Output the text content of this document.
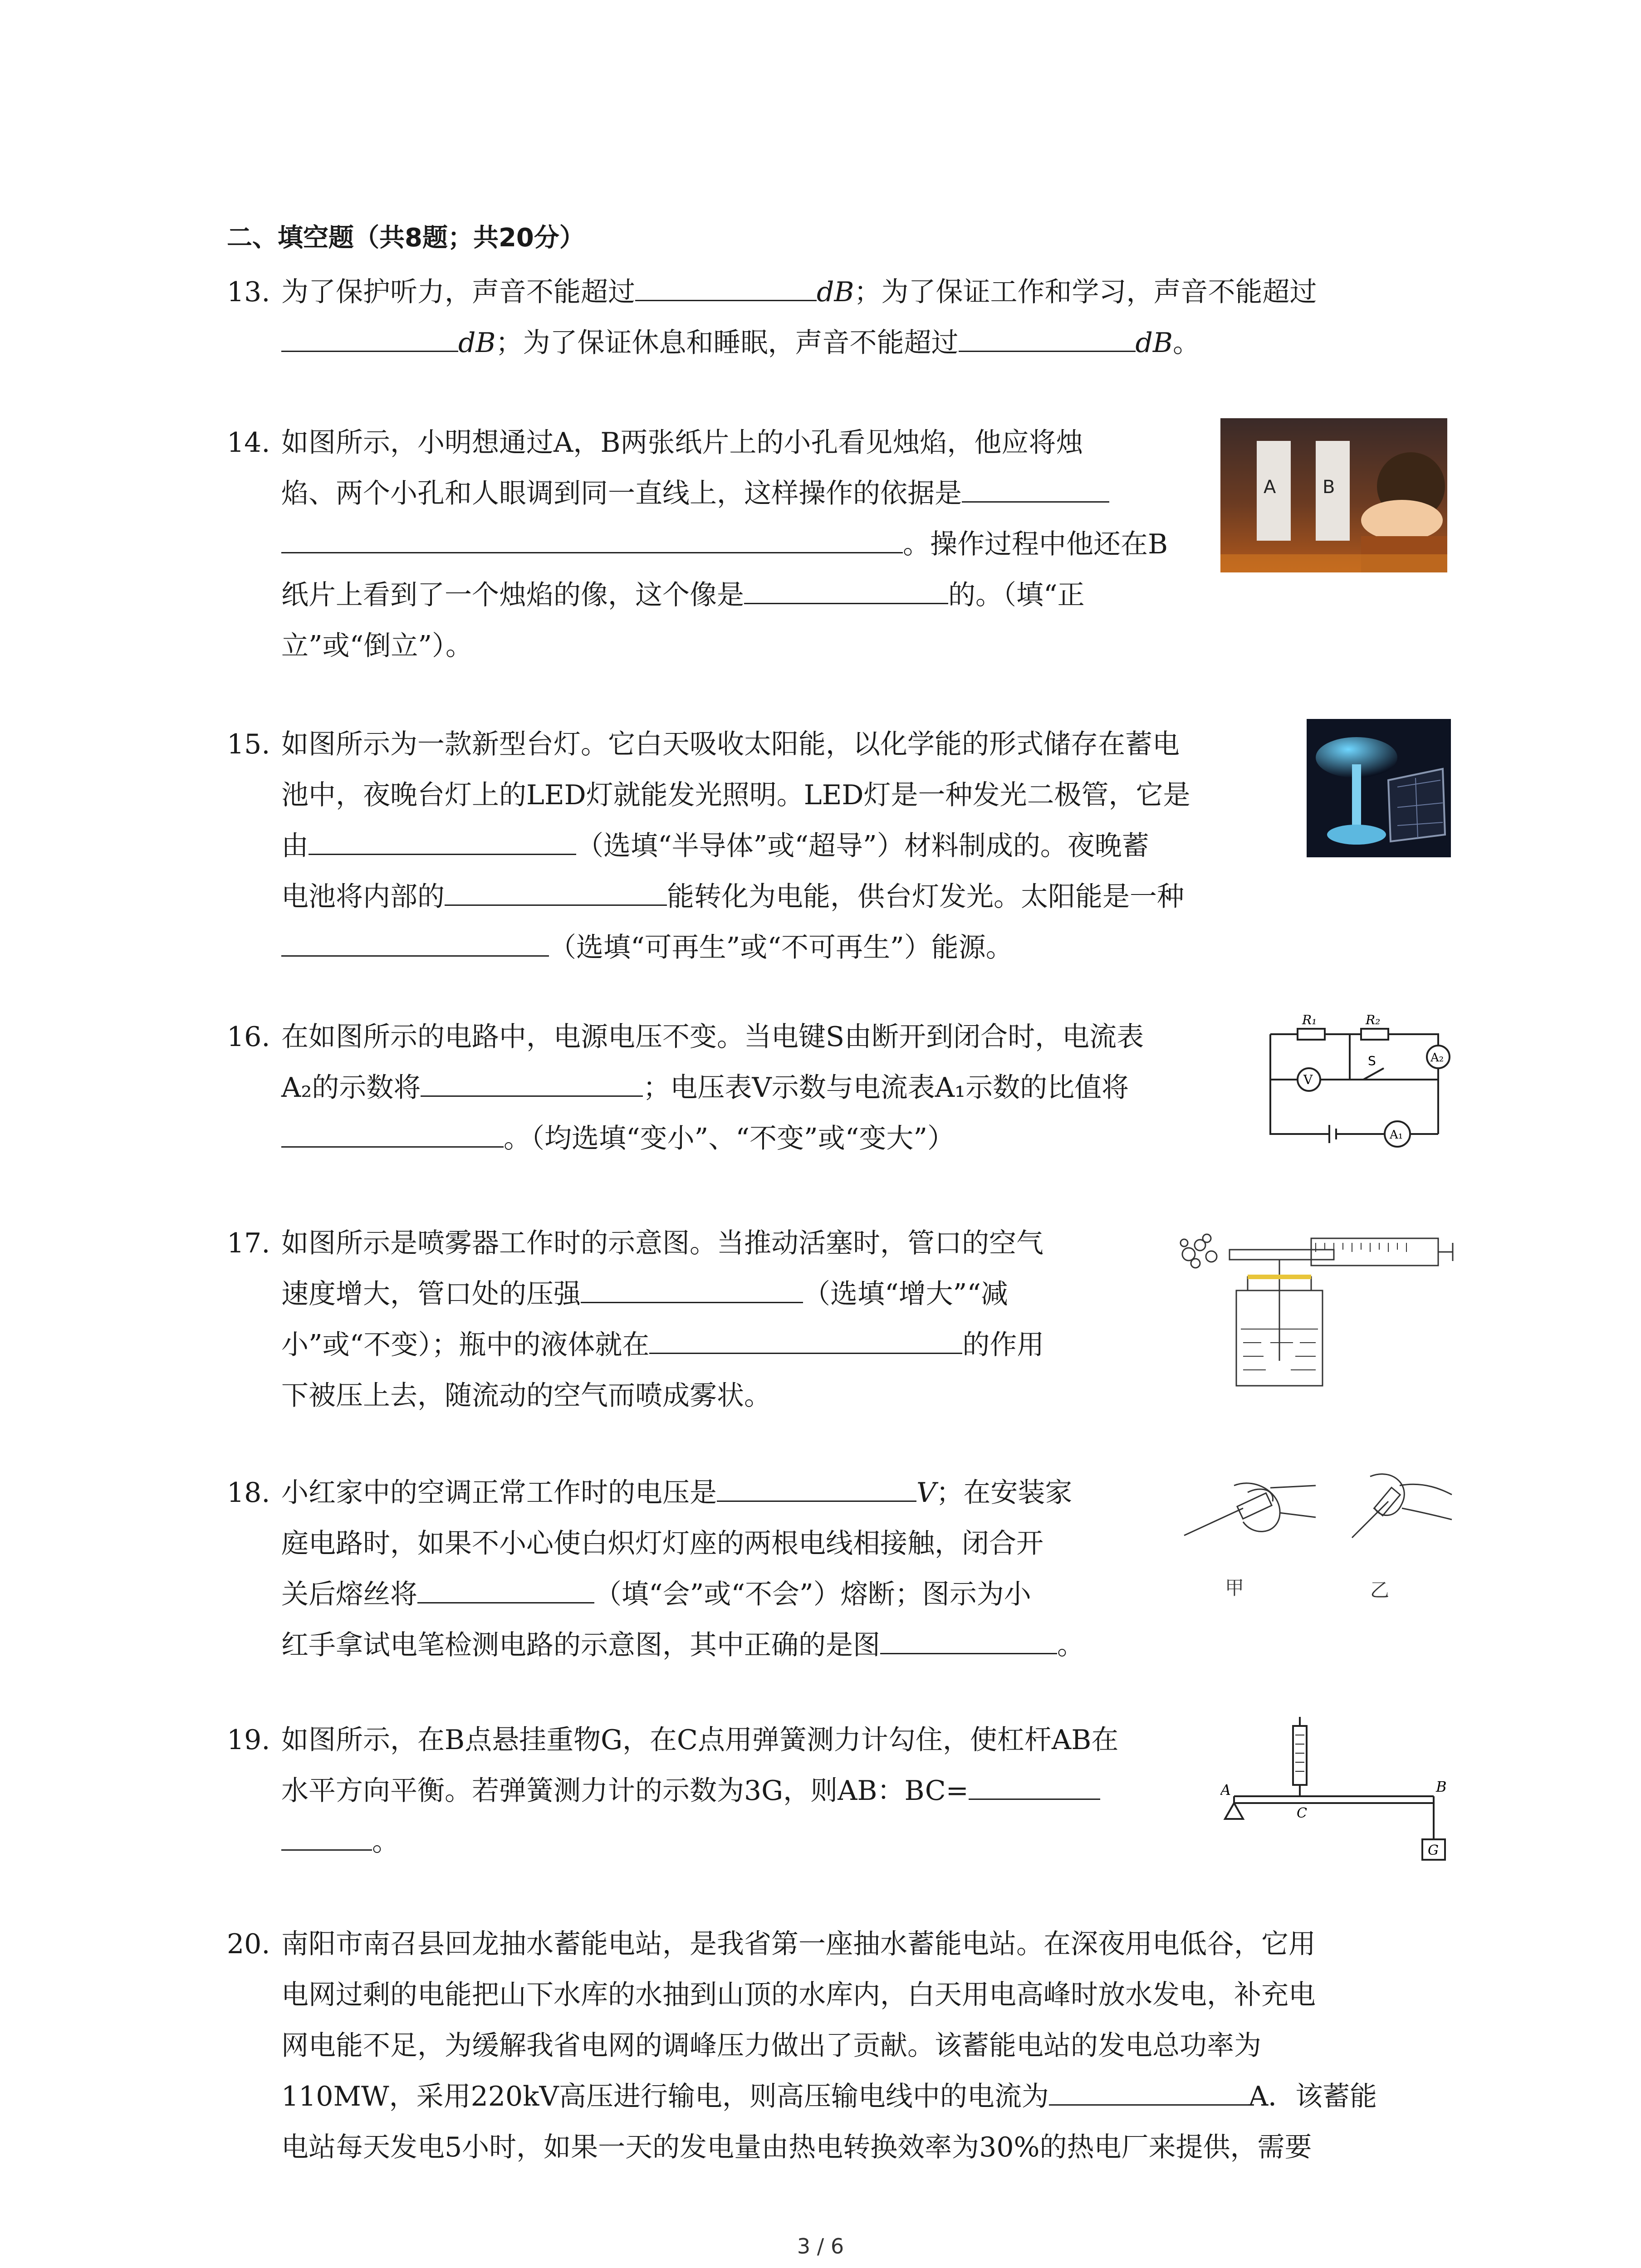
二、填空题（共8题；共20分）
13. 为了保护听力，声音不能超过	dB；为了保证工作和学习，声音不能超过
dB；为了保证休息和睡眠，声音不能超过	dB。
14. 如图所示，小明想通过A，B两张纸片上的小孔看见烛焰，他应将烛
焰、两个小孔和人眼调到同一直线上，这样操作的依据是
。操作过程中他还在B
纸片上看到了一个烛焰的像，这个像是	的。（填“正
立”或“倒立”）。
A	B
15. 如图所示为一款新型台灯。它白天吸收太阳能，以化学能的形式储存在蓄电
池中，夜晚台灯上的LED灯就能发光照明。LED灯是一种发光二极管，它是
由	（选填“半导体”或“超导”）材料制成的。夜晚蓄
电池将内部的	能转化为电能，供台灯发光。太阳能是一种
（选填“可再生”或“不可再生”）能源。
16. 在如图所示的电路中，电源电压不变。当电键S由断开到闭合时，电流表
A₂的示数将	；电压表V示数与电流表A₁示数的比值将
。（均选填“变小”、“不变”或“变大”）
R₁	R₂
S
V
A₂
A₁
17. 如图所示是喷雾器工作时的示意图。当推动活塞时，管口的空气
速度增大，管口处的压强	（选填“增大”“减
小”或“不变）；瓶中的液体就在	的作用
下被压上去，随流动的空气而喷成雾状。
18. 小红家中的空调正常工作时的电压是	V；在安装家
庭电路时，如果不小心使白炽灯灯座的两根电线相接触，闭合开
关后熔丝将	（填“会”或“不会”）熔断；图示为小
红手拿试电笔检测电路的示意图，其中正确的是图	。
甲	乙
19. 如图所示，在B点悬挂重物G，在C点用弹簧测力计勾住，使杠杆AB在
水平方向平衡。若弹簧测力计的示数为3G，则AB：BC=
。
A	B
C
G
20. 南阳市南召县回龙抽水蓄能电站，是我省第一座抽水蓄能电站。在深夜用电低谷，它用
电网过剩的电能把山下水库的水抽到山顶的水库内，白天用电高峰时放水发电，补充电
网电能不足，为缓解我省电网的调峰压力做出了贡献。该蓄能电站的发电总功率为
110MW，采用220kV高压进行输电，则高压输电线中的电流为	A．该蓄能
电站每天发电5小时，如果一天的发电量由热电转换效率为30%的热电厂来提供，需要
3 / 6
